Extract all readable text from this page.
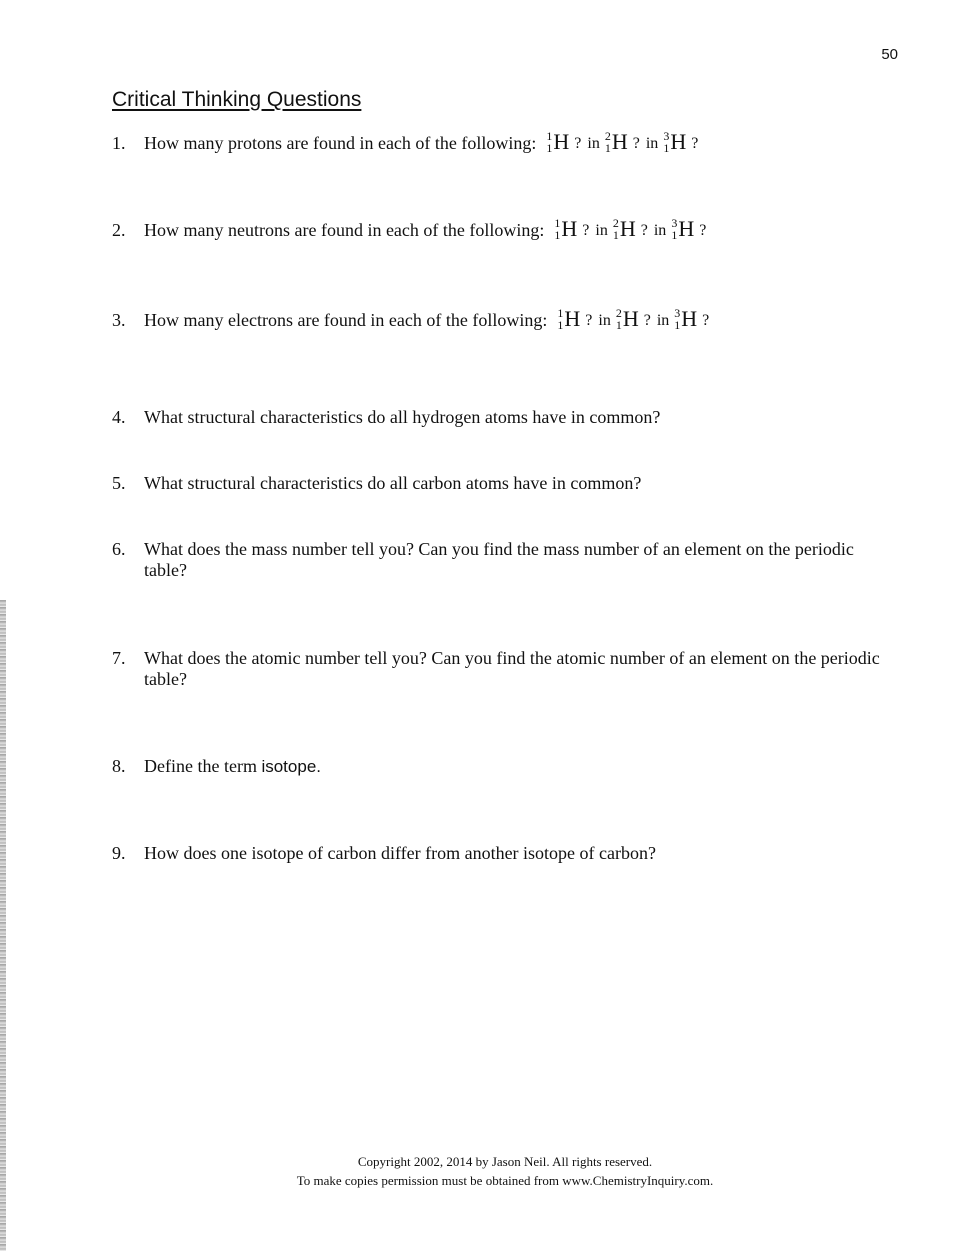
50
Critical Thinking Questions
1.	How many protons are found in each of the following: 1
1 H ? in 2
1 H ? in 3
1 H ?
2.	How many neutrons are found in each of the following: 1
1 H ? in 2
1 H ? in 3
1 H ?
3.	How many electrons are found in each of the following: 1
1 H ? in 2
1 H ? in 3
1 H ?
4.	What structural characteristics do all hydrogen atoms have in common?
5.	What structural characteristics do all carbon atoms have in common?
6.	What does the mass number tell you? Can you find the mass number of an element on the periodic table?
7.	What does the atomic number tell you? Can you find the atomic number of an element on the periodic table?
8.	Define the term isotope.
9.	How does one isotope of carbon differ from another isotope of carbon?
Copyright 2002, 2014 by Jason Neil. All rights reserved.
To make copies permission must be obtained from www.ChemistryInquiry.com.
